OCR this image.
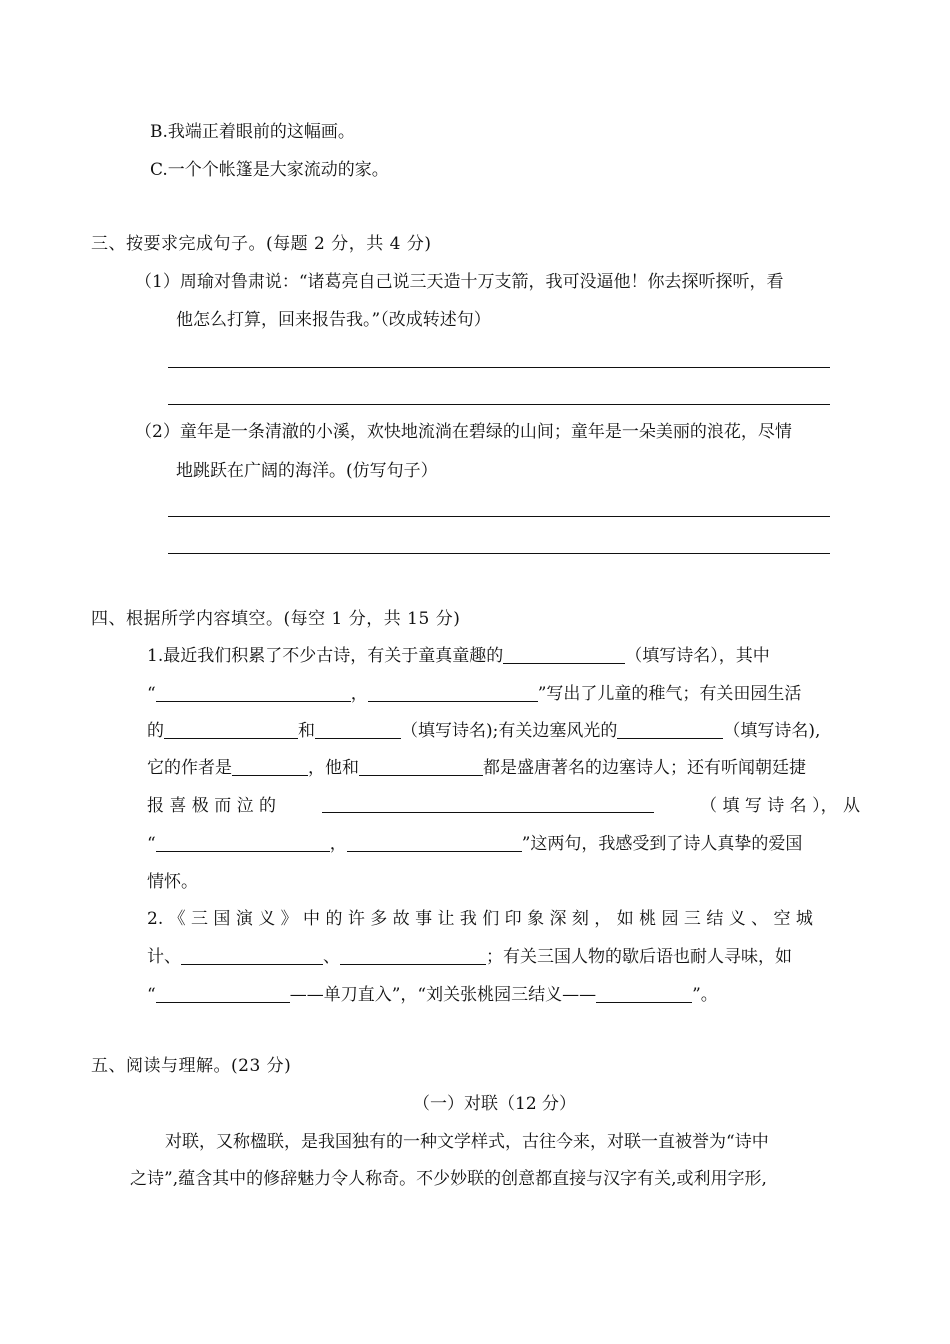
B.我端正着眼前的这幅画。
C.一个个帐篷是大家流动的家。
三、按要求完成句子。(每题 2 分，共 4 分)
（1）周瑜对鲁肃说：“诸葛亮自己说三天造十万支箭，我可没逼他！你去探听探听，看
他怎么打算，回来报告我。”（改成转述句）
（2）童年是一条清澈的小溪，欢快地流淌在碧绿的山间；童年是一朵美丽的浪花，尽情
地跳跃在广阔的海洋。(仿写句子）
四、根据所学内容填空。(每空 1 分，共 15 分)
1.最近我们积累了不少古诗，有关于童真童趣的	（填写诗名），其中
“	，	”写出了儿童的稚气；有关田园生活
的	和	（填写诗名);有关边塞风光的	（填写诗名),
它的作者是	，他和	都是盛唐著名的边塞诗人；还有听闻朝廷捷
报 喜 极 而 泣 的	（ 填 写 诗 名 ）， 从
“	，	”这两句，我感受到了诗人真挚的爱国
情怀。
2. 《 三 国 演 义 》 中 的 许 多 故 事 让 我 们 印 象 深 刻 ， 如 桃 园 三 结 义 、 空 城
计、	、	；有关三国人物的歇后语也耐人寻味，如
“	——单刀直入”，“刘关张桃园三结义——	”。
五、阅读与理解。(23 分)
（一）对联（12 分）
对联，又称楹联，是我国独有的一种文学样式，古往今来，对联一直被誉为“诗中
之诗”,蕴含其中的修辞魅力令人称奇。不少妙联的创意都直接与汉字有关,或利用字形,
